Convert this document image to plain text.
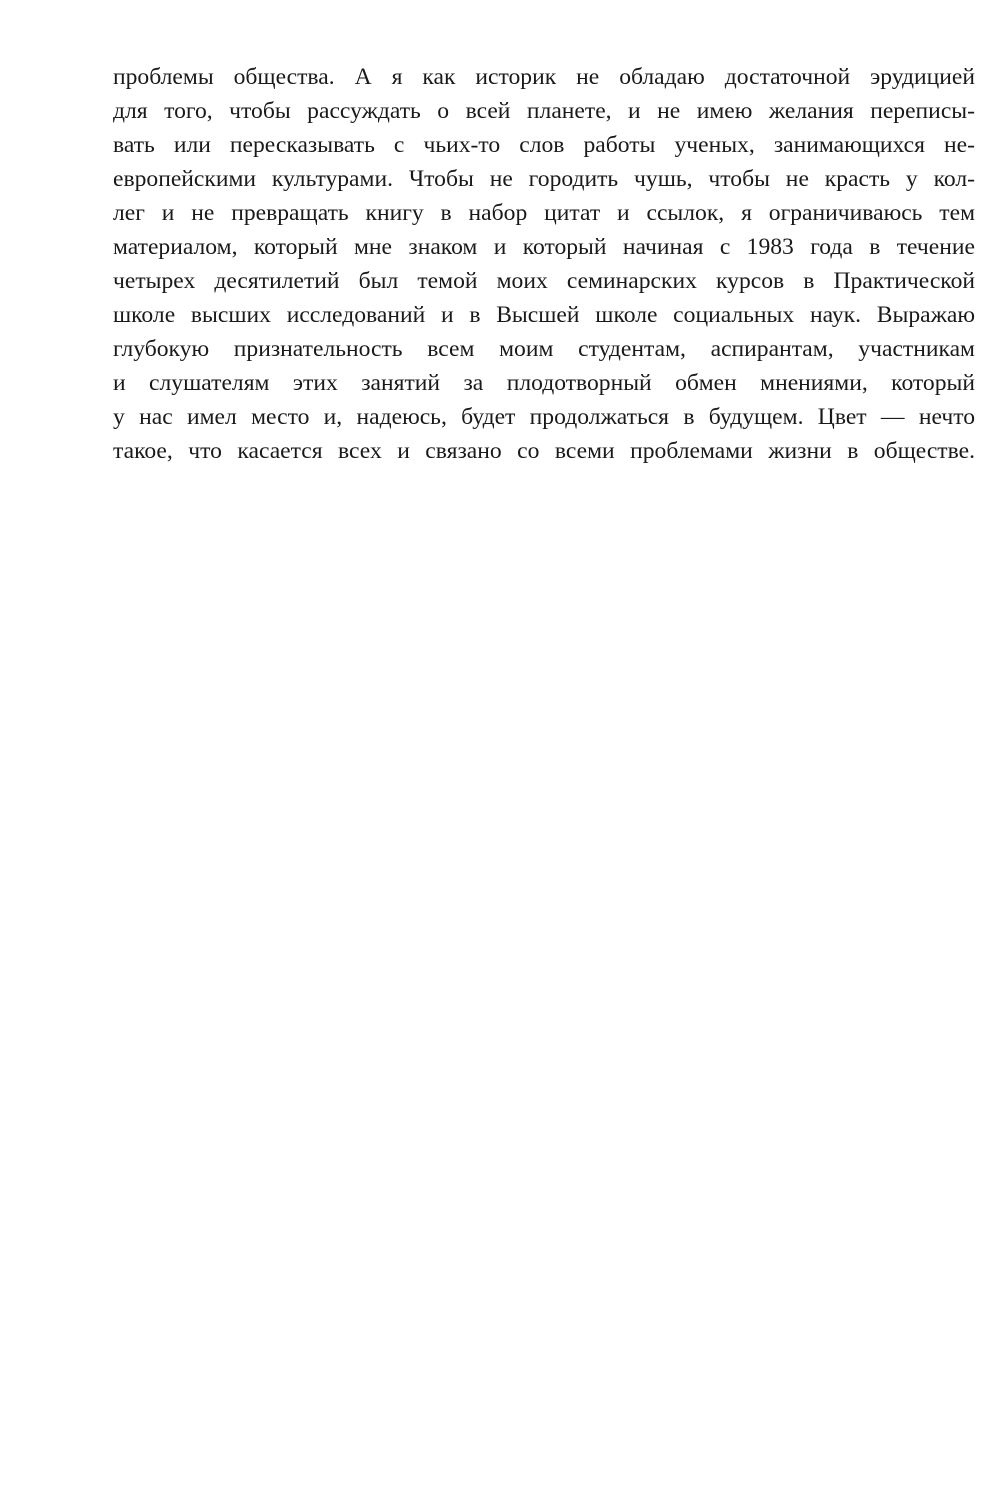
проблемы общества. А я как историк не обладаю достаточной эрудицией
для того, чтобы рассуждать о всей планете, и не имею желания переписы-
вать или пересказывать с чьих-то слов работы ученых, занимающихся не-
европейскими культурами. Чтобы не городить чушь, чтобы не красть у кол-
лег и не превращать книгу в набор цитат и ссылок, я ограничиваюсь тем
материалом, который мне знаком и который начиная с 1983 года в течение
четырех десятилетий был темой моих семинарских курсов в Практической
школе высших исследований и в Высшей школе социальных наук. Выражаю
глубокую признательность всем моим студентам, аспирантам, участникам
и слушателям этих занятий за плодотворный обмен мнениями, который
у нас имел место и, надеюсь, будет продолжаться в будущем. Цвет — нечто
такое, что касается всех и связано со всеми проблемами жизни в обществе.
